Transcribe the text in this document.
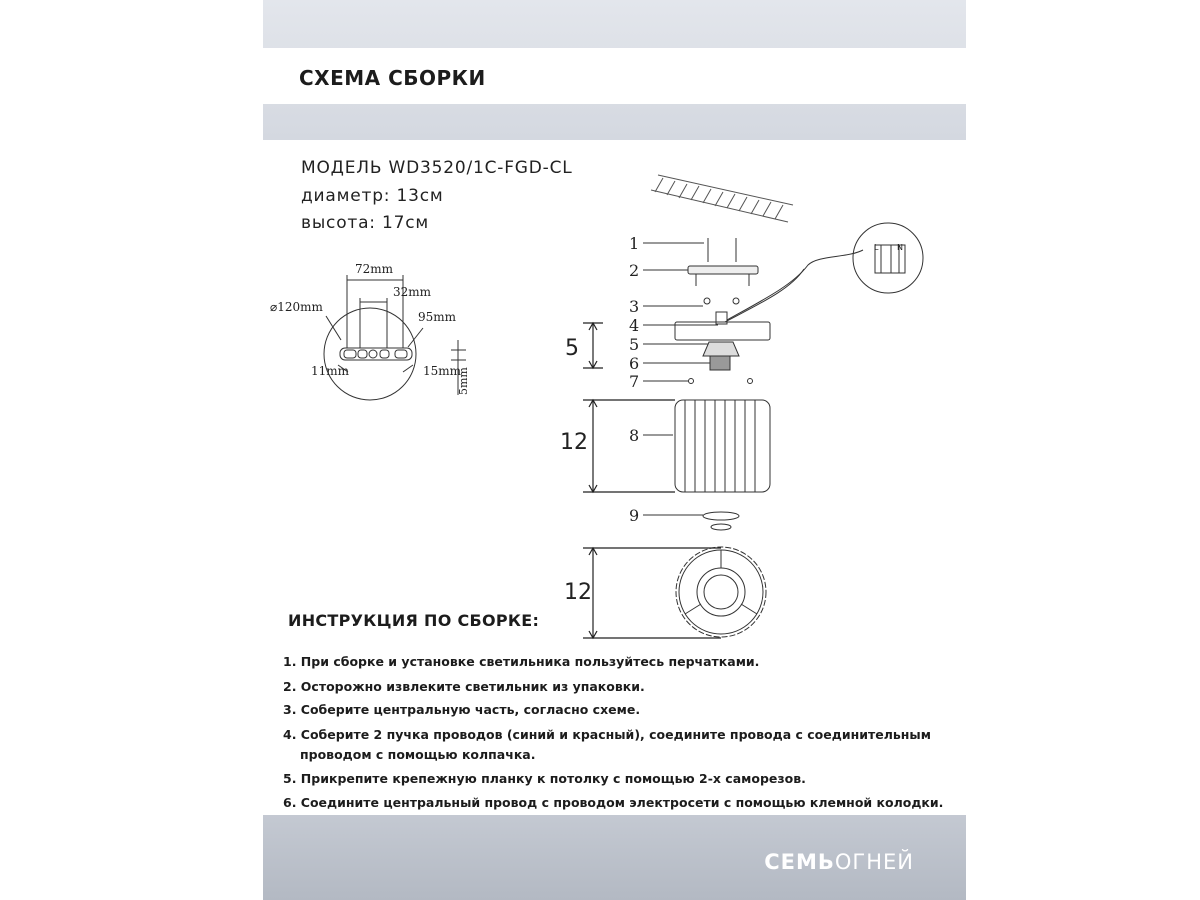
СХЕМА СБОРКИ
МОДЕЛЬ WD3520/1C-FGD-CL
диаметр: 13см
высота: 17см
72mm
32mm
⌀120mm
95mm
11mm	15mm
5mm
1
2
3
4
5
6
7
8
9
5
12
12
L N
ИНСТРУКЦИЯ ПО СБОРКЕ:
1. При сборке и установке светильника пользуйтесь перчатками.
2. Осторожно извлеките светильник из упаковки.
3. Соберите центральную часть, согласно схеме.
4. Соберите 2 пучка проводов (синий и красный), соедините провода с соединительным
проводом с помощью колпачка.
5. Прикрепите крепежную планку к потолку с помощью 2-х саморезов.
6. Соедините центральный провод с проводом электросети с помощью клемной колодки.
СЕМЬОГНЕЙ
